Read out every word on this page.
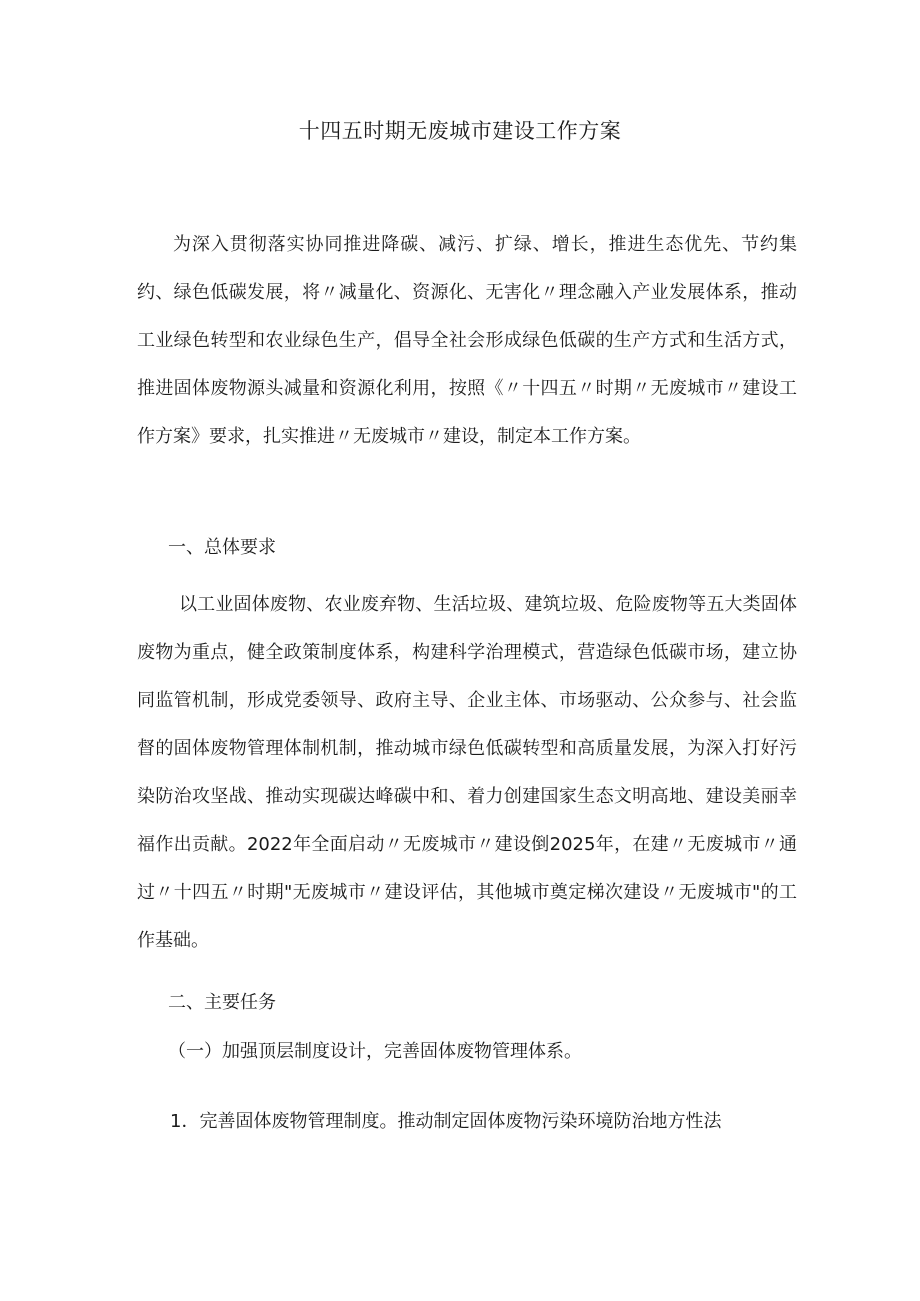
十四五时期无废城市建设工作方案

为深入贯彻落实协同推进降碳、减污、扩绿、增长，推进生态优先、节约集约、绿色低碳发展，将〃减量化、资源化、无害化〃理念融入产业发展体系，推动工业绿色转型和农业绿色生产，倡导全社会形成绿色低碳的生产方式和生活方式，推进固体废物源头减量和资源化利用，按照《〃十四五〃时期〃无废城市〃建设工作方案》要求，扎实推进〃无废城市〃建设，制定本工作方案。

一、总体要求

以工业固体废物、农业废弃物、生活垃圾、建筑垃圾、危险废物等五大类固体废物为重点，健全政策制度体系，构建科学治理模式，营造绿色低碳市场，建立协同监管机制，形成党委领导、政府主导、企业主体、市场驱动、公众参与、社会监督的固体废物管理体制机制，推动城市绿色低碳转型和高质量发展，为深入打好污染防治攻坚战、推动实现碳达峰碳中和、着力创建国家生态文明高地、建设美丽幸福作出贡献。2022年全面启动〃无废城市〃建设倒2025年，在建〃无废城市〃通过〃十四五〃时期"无废城市〃建设评估，其他城市奠定梯次建设〃无废城市"的工作基础。

二、主要任务

（一）加强顶层制度设计，完善固体废物管理体系。

1．完善固体废物管理制度。推动制定固体废物污染环境防治地方性法
